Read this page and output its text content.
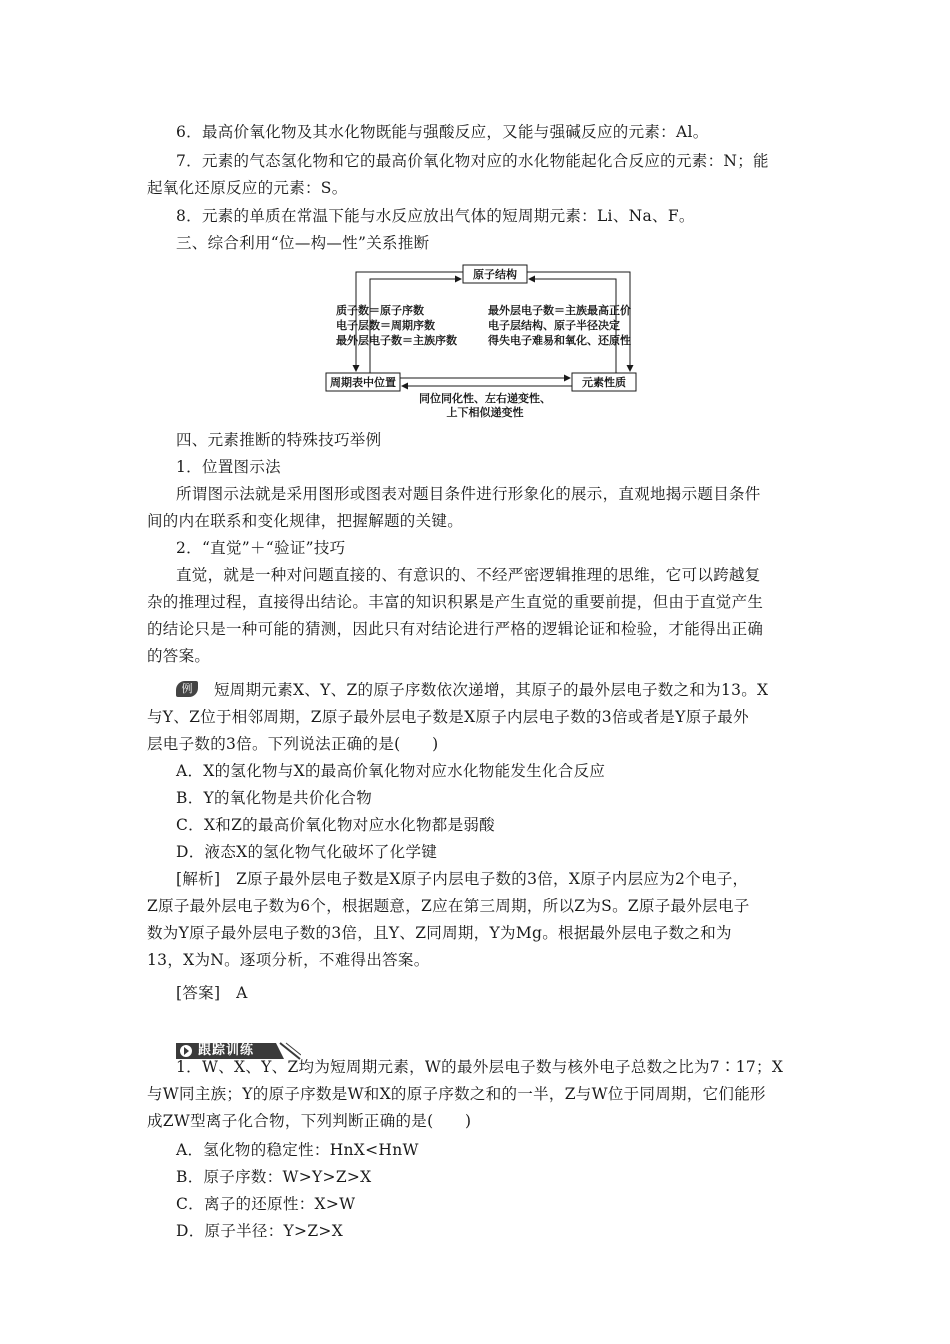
6．最高价氧化物及其水化物既能与强酸反应，又能与强碱反应的元素：Al。
7．元素的气态氢化物和它的最高价氧化物对应的水化物能起化合反应的元素：N；能
起氧化还原反应的元素：S。
8．元素的单质在常温下能与水反应放出气体的短周期元素：Li、Na、F。
三、综合利用“位—构—性”关系推断
原子结构
周期表中位置	元素性质
质子数＝原子序数
电子层数＝周期序数
最外层电子数＝主族序数
最外层电子数＝主族最高正价
电子层结构、原子半径决定
得失电子难易和氧化、还原性
同位同化性、左右递变性、
上下相似递变性
四、元素推断的特殊技巧举例
1．位置图示法
所谓图示法就是采用图形或图表对题目条件进行形象化的展示，直观地揭示题目条件
间的内在联系和变化规律，把握解题的关键。
2．“直觉”＋“验证”技巧
直觉，就是一种对问题直接的、有意识的、不经严密逻辑推理的思维，它可以跨越复
杂的推理过程，直接得出结论。丰富的知识积累是产生直觉的重要前提，但由于直觉产生
的结论只是一种可能的猜测，因此只有对结论进行严格的逻辑论证和检验，才能得出正确
的答案。
例	短周期元素X、Y、Z的原子序数依次递增，其原子的最外层电子数之和为13。X
与Y、Z位于相邻周期，Z原子最外层电子数是X原子内层电子数的3倍或者是Y原子最外
层电子数的3倍。下列说法正确的是(　　)
A．X的氢化物与X的最高价氧化物对应水化物能发生化合反应
B．Y的氧化物是共价化合物
C．X和Z的最高价氧化物对应水化物都是弱酸
D．液态X的氢化物气化破坏了化学键
[解析]　Z原子最外层电子数是X原子内层电子数的3倍，X原子内层应为2个电子，
Z原子最外层电子数为6个，根据题意，Z应在第三周期，所以Z为S。Z原子最外层电子
数为Y原子最外层电子数的3倍，且Y、Z同周期，Y为Mg。根据最外层电子数之和为
13，X为N。逐项分析，不难得出答案。
[答案]　A
跟踪训练
1．W、X、Y、Z均为短周期元素，W的最外层电子数与核外电子总数之比为7∶17；X
与W同主族；Y的原子序数是W和X的原子序数之和的一半，Z与W位于同周期，它们能形
成ZW型离子化合物，下列判断正确的是(　　)
A．氢化物的稳定性：HnX<HnW
B．原子序数：W>Y>Z>X
C．离子的还原性：X>W
D．原子半径：Y>Z>X
